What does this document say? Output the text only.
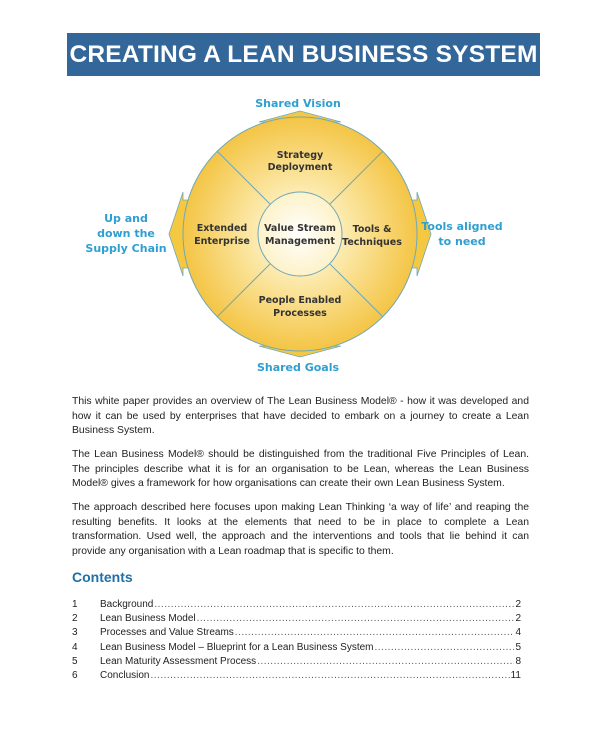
CREATING A LEAN BUSINESS SYSTEM
Strategy
Deployment
Extended
Enterprise
Tools &
Techniques
People Enabled
Processes
Value Stream
Management
Shared Vision
Shared Goals
Up and
down the
Supply Chain
Tools aligned
to need

This white paper provides an overview of The Lean Business Model® - how it was developed and how it can be used by enterprises that have decided to embark on a journey to create a Lean Business System.

The Lean Business Model® should be distinguished from the traditional Five Principles of Lean. The principles describe what it is for an organisation to be Lean, whereas the Lean Business Model® gives a framework for how organisations can create their own Lean Business System.

The approach described here focuses upon making Lean Thinking ‘a way of life’ and reaping the resulting benefits. It looks at the elements that need to be in place to complete a Lean transformation. Used well, the approach and the interventions and tools that lie behind it can provide any organisation with a Lean roadmap that is specific to them.

Contents
1	Background .....	2
2	Lean Business Model .....	2
3	Processes and Value Streams .....	4
4	Lean Business Model – Blueprint for a Lean Business System .....	5
5	Lean Maturity Assessment Process .....	8
6	Conclusion .....	11
